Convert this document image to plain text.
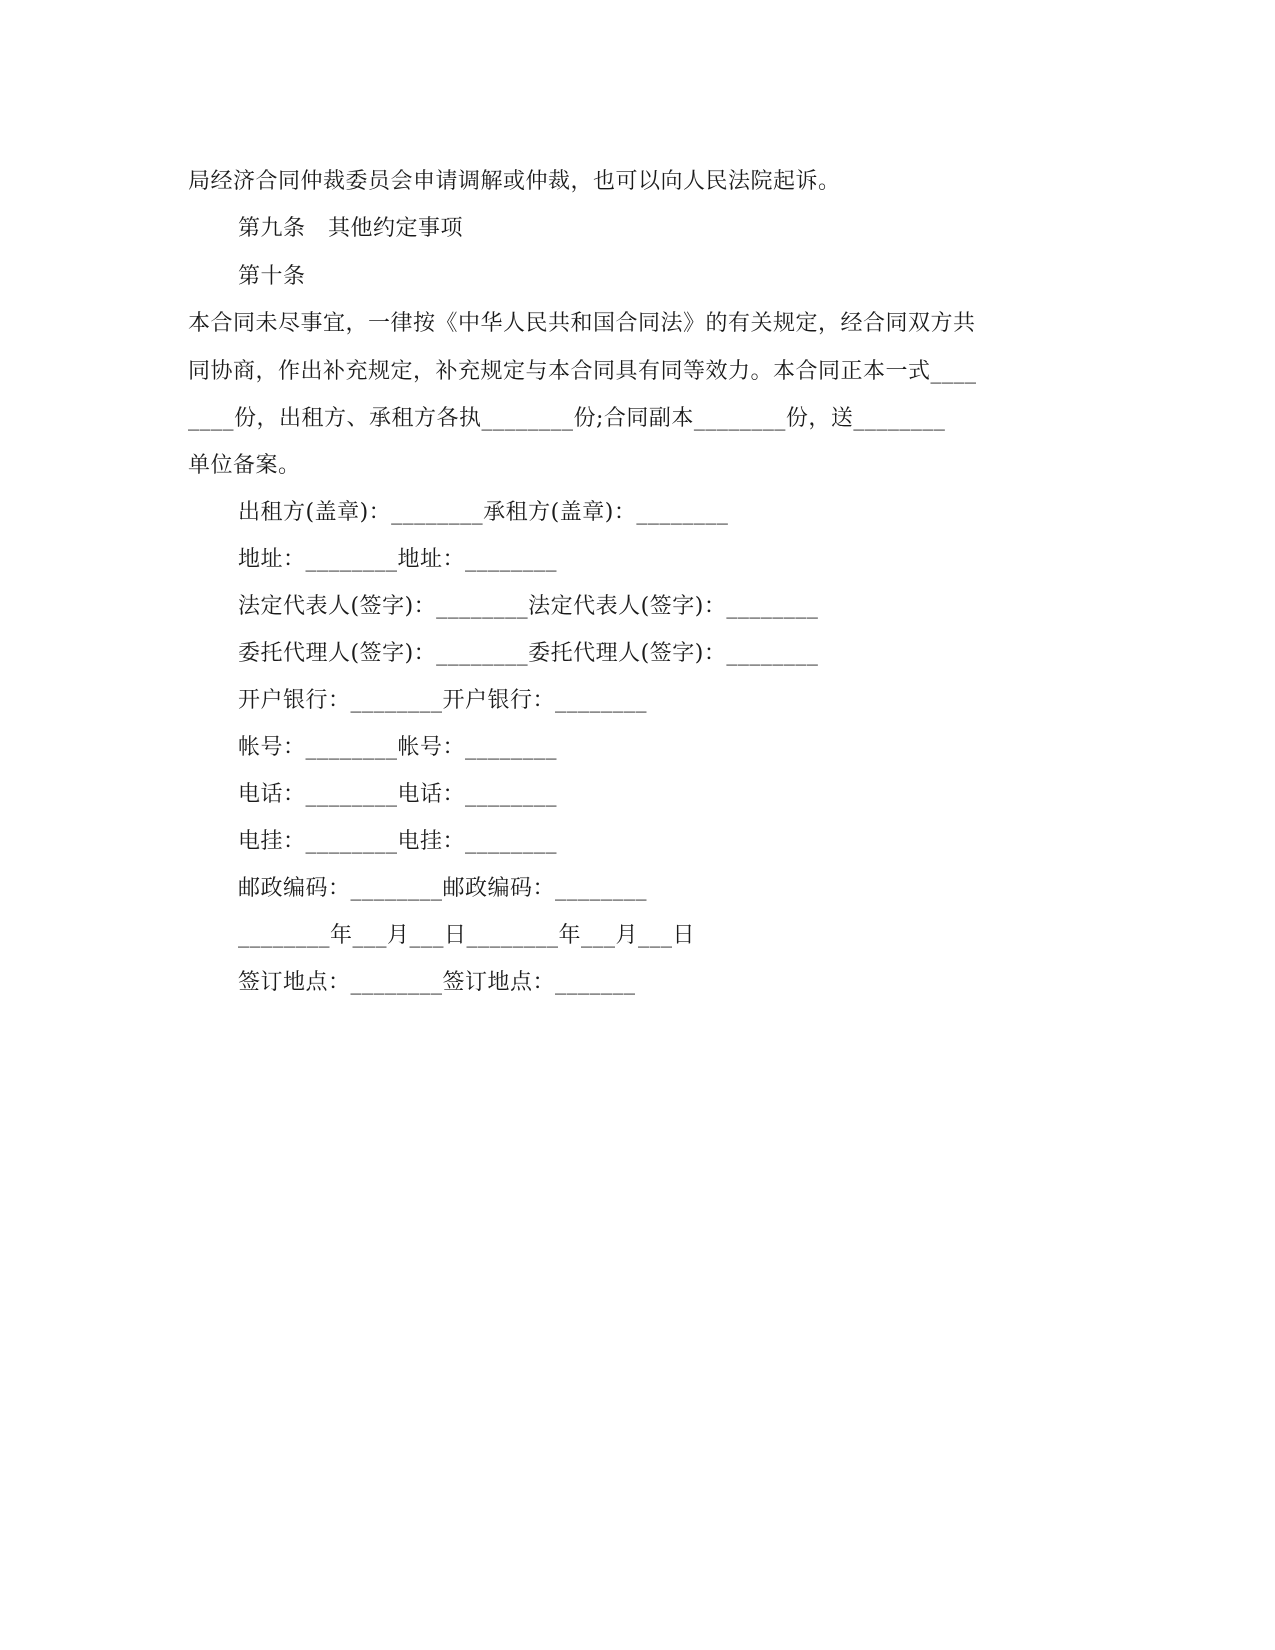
局经济合同仲裁委员会申请调解或仲裁，也可以向人民法院起诉。
第九条　其他约定事项
第十条
本合同未尽事宜，一律按《中华人民共和国合同法》的有关规定，经合同双方共
同协商，作出补充规定，补充规定与本合同具有同等效力。本合同正本一式____
____份，出租方、承租方各执________份;合同副本________份，送________
单位备案。
出租方(盖章)：________承租方(盖章)：________
地址：________地址：________
法定代表人(签字)：________法定代表人(签字)：________
委托代理人(签字)：________委托代理人(签字)：________
开户银行：________开户银行：________
帐号：________帐号：________
电话：________电话：________
电挂：________电挂：________
邮政编码：________邮政编码：________
________年___月___日________年___月___日
签订地点：________签订地点：_______
